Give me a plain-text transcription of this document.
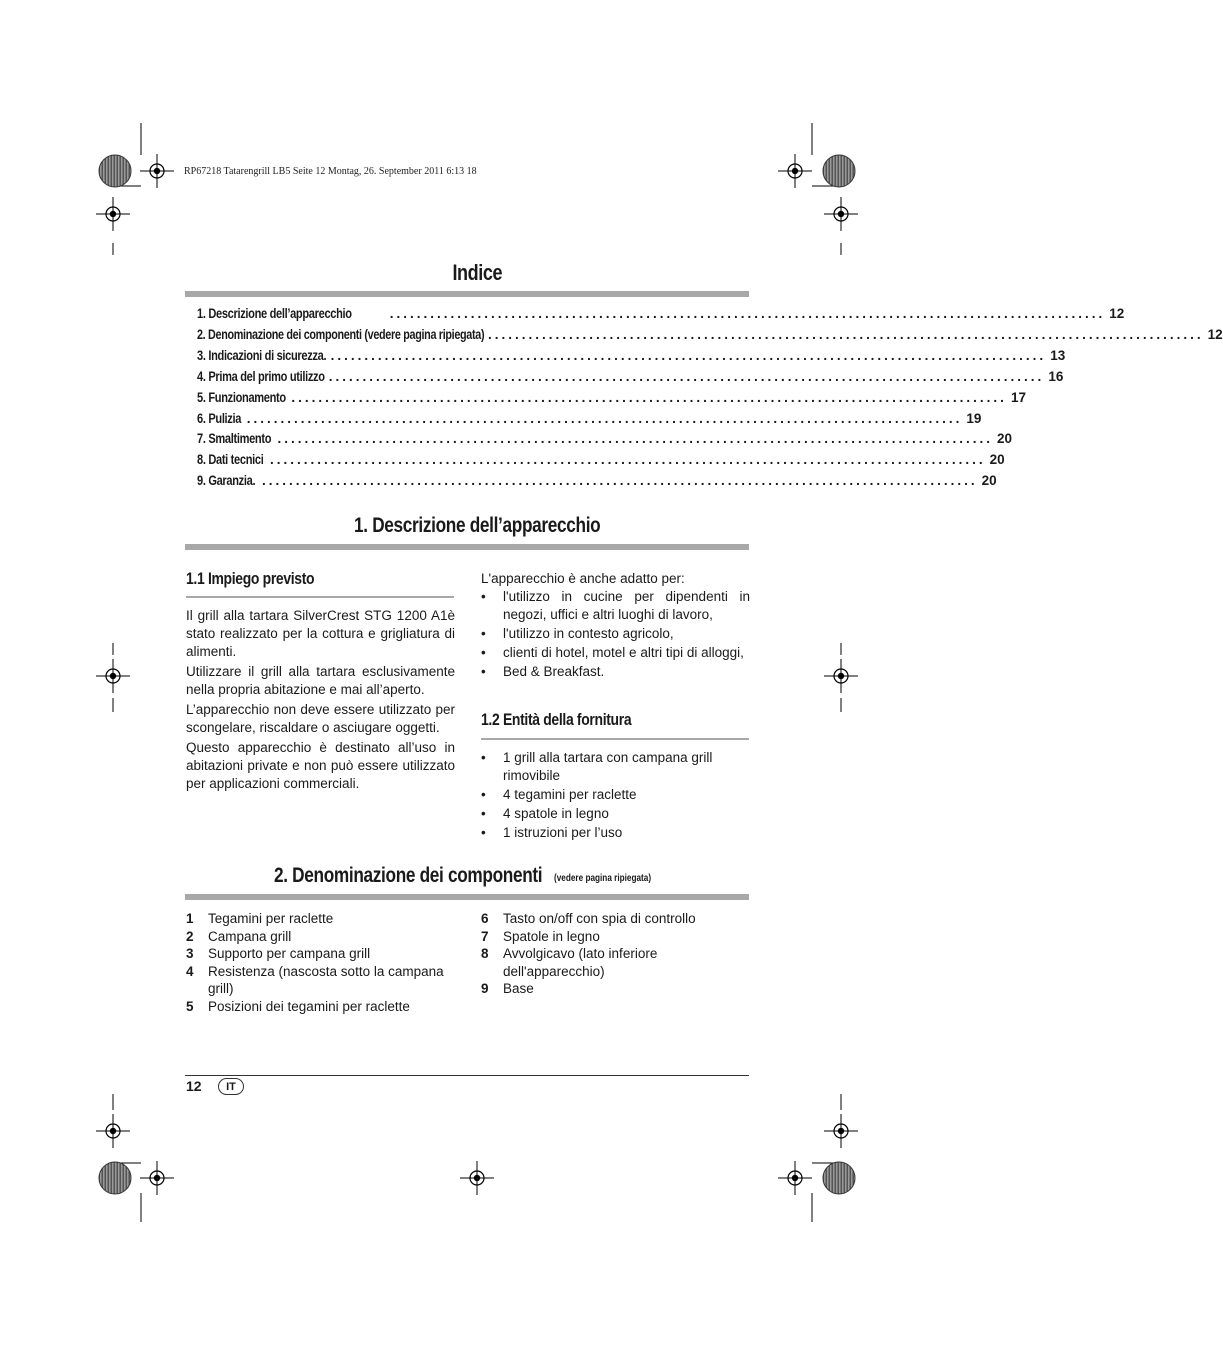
RP67218 Tatarengrill LB5 Seite 12 Montag, 26. September 2011 6:13 18
Indice
1. Descrizione dell’apparecchio	.......................................................................................................... 12
2. Denominazione dei componenti (vedere pagina ripiegata) .......................................................................................................... 12
3. Indicazioni di sicurezza. .......................................................................................................... 13
4. Prima del primo utilizzo .......................................................................................................... 16
5. Funzionamento .......................................................................................................... 17
6. Pulizia .......................................................................................................... 19
7. Smaltimento .......................................................................................................... 20
8. Dati tecnici .......................................................................................................... 20
9. Garanzia. .......................................................................................................... 20
1. Descrizione dell’apparecchio
1.1 Impiego previsto

Il grill alla tartara SilverCrest STG 1200 A1è stato realizzato per la cottura e grigliatura di alimenti.

Utilizzare il grill alla tartara esclusivamente nella propria abitazione e mai all’aperto.

L’apparecchio non deve essere utilizzato per scongelare, riscaldare o asciugare oggetti.

Questo apparecchio è destinato all’uso in abitazioni private e non può essere utilizzato per applicazioni commerciali.

L'apparecchio è anche adatto per:
• l'utilizzo in cucine per dipendenti in negozi, uffici e altri luoghi di lavoro,
• l'utilizzo in contesto agricolo,
• clienti di hotel, motel e altri tipi di alloggi,
• Bed & Breakfast.
1.2 Entità della fornitura
• 1 grill alla tartara con campana grill rimovibile
• 4 tegamini per raclette
• 4 spatole in legno
• 1 istruzioni per l’uso
2. Denominazione dei componenti	(vedere pagina ripiegata)
1	Tegamini per raclette
2	Campana grill
3	Supporto per campana grill
4	Resistenza (nascosta sotto la campana grill)
5	Posizioni dei tegamini per raclette
6	Tasto on/off con spia di controllo
7	Spatole in legno
8	Avvolgicavo (lato inferiore dell'apparecchio)
9	Base
12	IT
